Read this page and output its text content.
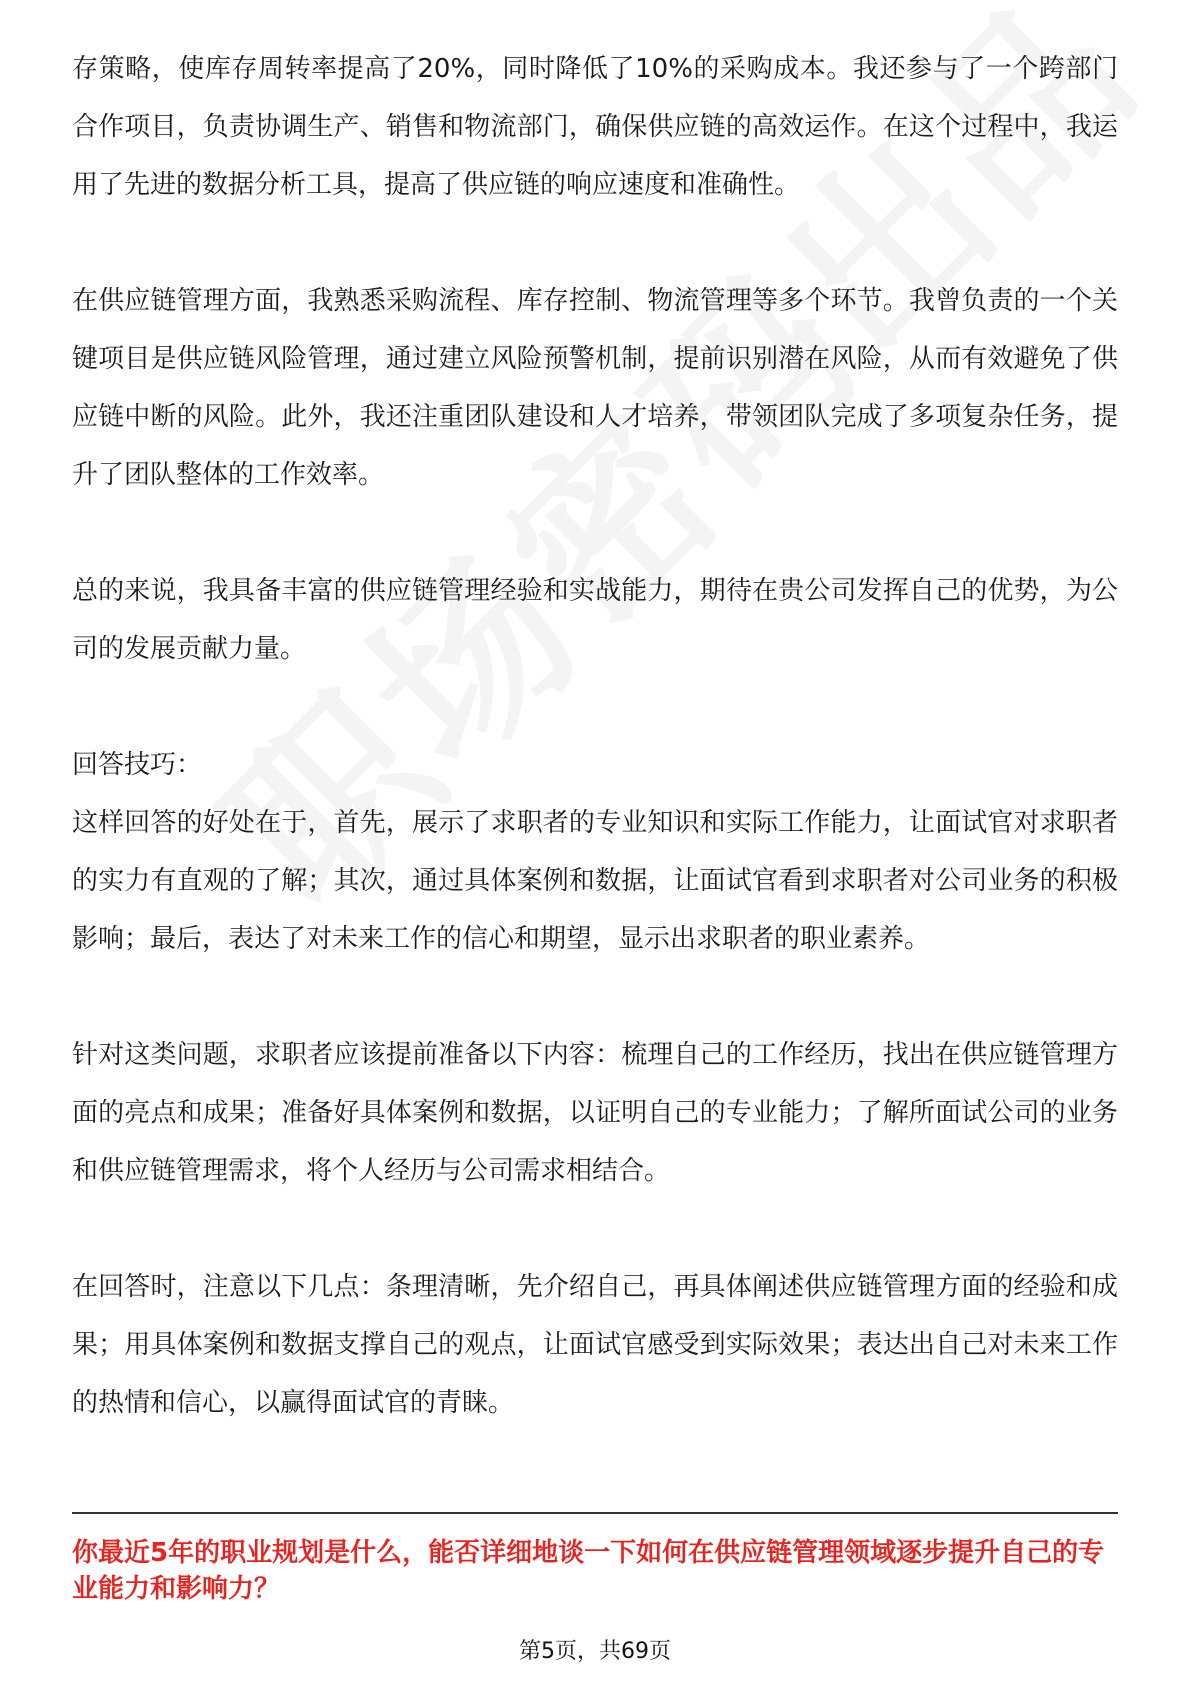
存策略，使库存周转率提高了20%，同时降低了10%的采购成本。我还参与了一个跨部门合作项目，负责协调生产、销售和物流部门，确保供应链的高效运作。在这个过程中，我运用了先进的数据分析工具，提高了供应链的响应速度和准确性。

在供应链管理方面，我熟悉采购流程、库存控制、物流管理等多个环节。我曾负责的一个关键项目是供应链风险管理，通过建立风险预警机制，提前识别潜在风险，从而有效避免了供应链中断的风险。此外，我还注重团队建设和人才培养，带领团队完成了多项复杂任务，提升了团队整体的工作效率。

总的来说，我具备丰富的供应链管理经验和实战能力，期待在贵公司发挥自己的优势，为公司的发展贡献力量。

回答技巧：

这样回答的好处在于，首先，展示了求职者的专业知识和实际工作能力，让面试官对求职者的实力有直观的了解；其次，通过具体案例和数据，让面试官看到求职者对公司业务的积极影响；最后，表达了对未来工作的信心和期望，显示出求职者的职业素养。

针对这类问题，求职者应该提前准备以下内容：梳理自己的工作经历，找出在供应链管理方面的亮点和成果；准备好具体案例和数据，以证明自己的专业能力；了解所面试公司的业务和供应链管理需求，将个人经历与公司需求相结合。

在回答时，注意以下几点：条理清晰，先介绍自己，再具体阐述供应链管理方面的经验和成果；用具体案例和数据支撑自己的观点，让面试官感受到实际效果；表达出自己对未来工作的热情和信心，以赢得面试官的青睐。

你最近5年的职业规划是什么，能否详细地谈一下如何在供应链管理领域逐步提升自己的专业能力和影响力？

第5页，共69页
